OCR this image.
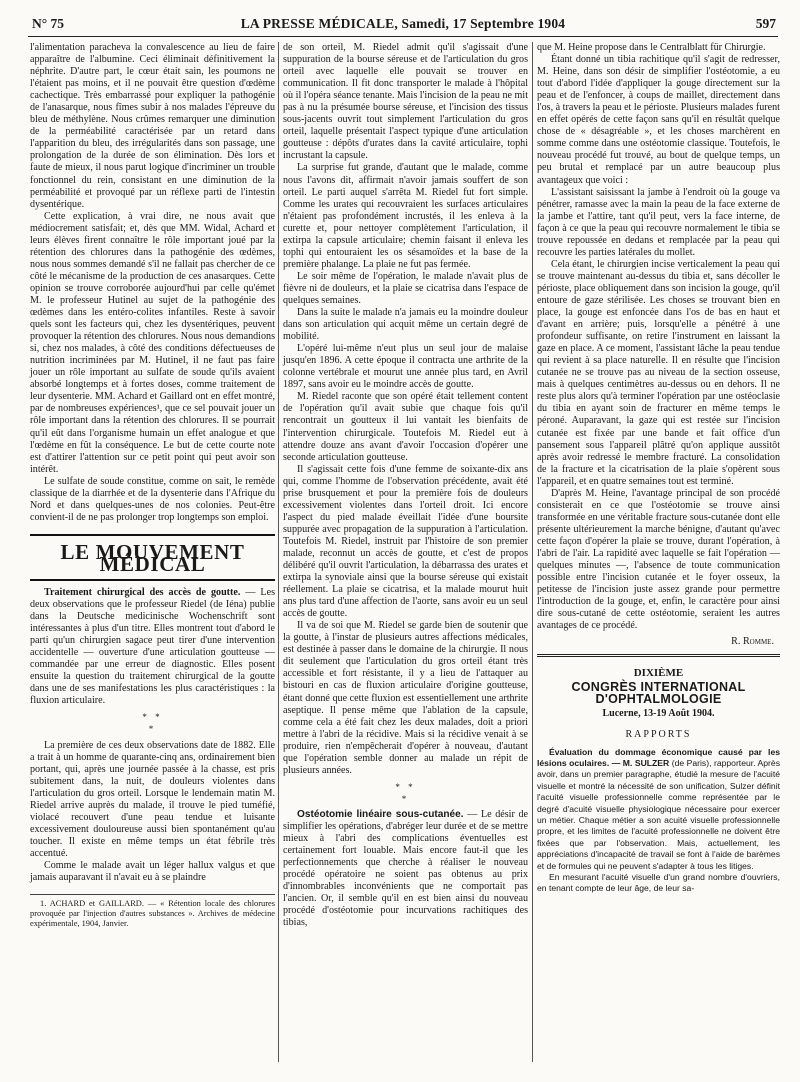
N° 75	LA PRESSE MÉDICALE, Samedi, 17 Septembre 1904	597

l'alimentation paracheva la convalescence au lieu de faire apparaître de l'albumine. Ceci éliminait définitivement la néphrite. D'autre part, le cœur était sain, les poumons ne l'étaient pas moins, et il ne pouvait être question d'œdème cachectique. Très embarrassé pour expliquer la pathogénie de l'anasarque, nous fîmes subir à nos malades l'épreuve du bleu de méthylène. Nous crûmes remarquer une diminution de la perméabilité caractérisée par un retard dans l'apparition du bleu, des irrégularités dans son passage, une prolongation de la durée de son élimination. Dès lors et faute de mieux, il nous parut logique d'incriminer un trouble fonctionnel du rein, consistant en une diminution de la perméabilité et provoqué par un réflexe parti de l'intestin dysentérique.

Cette explication, à vrai dire, ne nous avait que médiocrement satisfait; et, dès que MM. Widal, Achard et leurs élèves firent connaître le rôle important joué par la rétention des chlorures dans la pathogénie des œdèmes, nous nous sommes demandé s'il ne fallait pas chercher de ce côté le mécanisme de la production de ces anasarques. Cette opinion se trouve corroborée aujourd'hui par celle qu'émet M. le professeur Hutinel au sujet de la pathogénie des œdèmes dans les entéro-colites infantiles. Reste à savoir quels sont les facteurs qui, chez les dysentériques, peuvent provoquer la rétention des chlorures. Nous nous demandions si, chez nos malades, à côté des conditions défectueuses de nutrition incriminées par M. Hutinel, il ne faut pas faire jouer un rôle important au sulfate de soude qu'ils avaient absorbé longtemps et à fortes doses, comme traitement de leur dysenterie. MM. Achard et Gaillard ont en effet montré, par de nombreuses expériences¹, que ce sel pouvait jouer un rôle important dans la rétention des chlorures. Il se pourrait qu'il eût dans l'organisme humain un effet analogue et que l'œdème en fût la conséquence. Le but de cette courte note est d'attirer l'attention sur ce petit point qui peut avoir son intérêt.

Le sulfate de soude constitue, comme on sait, le remède classique de la diarrhée et de la dysenterie dans l'Afrique du Nord et dans quelques-unes de nos colonies. Peut-être convient-il de ne pas prolonger trop longtemps son emploi.

LE MOUVEMENT MÉDICAL

Traitement chirurgical des accès de goutte. — Les deux observations que le professeur Riedel (de Iéna) publie dans la Deutsche medicinische Wochenschrift sont intéressantes à plus d'un titre. Elles montrent tout d'abord le parti qu'un chirurgien sagace peut tirer d'une intervention accidentelle — ouverture d'une articulation goutteuse — commandée par une erreur de diagnostic. Elles posent ensuite la question du traitement chirurgical de la goutte dans une de ses manifestations les plus caractéristiques : la fluxion articulaire.

* *
*

La première de ces deux observations date de 1882. Elle a trait à un homme de quarante-cinq ans, ordinairement bien portant, qui, après une journée passée à la chasse, est pris subitement dans, la nuit, de douleurs violentes dans l'articulation du gros orteil. Lorsque le lendemain matin M. Riedel arrive auprès du malade, il trouve le pied tuméfié, violacé recouvert d'une peau tendue et luisante excessivement douloureuse aussi bien spontanément qu'au toucher. Il existe en même temps un état fébrile très accentué.

Comme le malade avait un léger hallux valgus et que jamais auparavant il n'avait eu à se plaindre

1. ACHARD et GAILLARD. — « Rétention locale des chlorures provoquée par l'injection d'autres substances ». Archives de médecine expérimentale, 1904, Janvier.

de son orteil, M. Riedel admit qu'il s'agissait d'une suppuration de la bourse séreuse et de l'articulation du gros orteil avec laquelle elle pouvait se trouver en communication. Il fit donc transporter le malade à l'hôpital où il l'opéra séance tenante. Mais l'incision de la peau ne mit pas à nu la présumée bourse séreuse, et l'incision des tissus sous-jacents ouvrit tout simplement l'articulation du gros orteil, laquelle présentait l'aspect typique d'une articulation goutteuse : dépôts d'urates dans la cavité articulaire, tophi incrustant la capsule.

La surprise fut grande, d'autant que le malade, comme nous l'avons dit, affirmait n'avoir jamais souffert de son orteil. Le parti auquel s'arrêta M. Riedel fut fort simple. Comme les urates qui recouvraient les surfaces articulaires n'étaient pas profondément incrustés, il les enleva à la curette et, pour nettoyer complètement l'articulation, il extirpa la capsule articulaire; chemin faisant il enleva les tophi qui entouraient les os sésamoïdes et la base de la première phalange. La plaie ne fut pas fermée.

Le soir même de l'opération, le malade n'avait plus de fièvre ni de douleurs, et la plaie se cicatrisa dans l'espace de quelques semaines.

Dans la suite le malade n'a jamais eu la moindre douleur dans son articulation qui acquit même un certain degré de mobilité.

L'opéré lui-même n'eut plus un seul jour de malaise jusqu'en 1896. A cette époque il contracta une arthrite de la colonne vertébrale et mourut une année plus tard, en Avril 1897, sans avoir eu le moindre accès de goutte.

M. Riedel raconte que son opéré était tellement content de l'opération qu'il avait subie que chaque fois qu'il rencontrait un goutteux il lui vantait les bienfaits de l'intervention chirurgicale. Toutefois M. Riedel eut à attendre douze ans avant d'avoir l'occasion d'opérer une seconde articulation goutteuse.

Il s'agissait cette fois d'une femme de soixante-dix ans qui, comme l'homme de l'observation précédente, avait été prise brusquement et pour la première fois de douleurs excessivement violentes dans l'orteil droit. Ici encore l'aspect du pied malade éveillait l'idée d'une boursite suppurée avec propagation de la suppuration à l'articulation. Toutefois M. Riedel, instruit par l'histoire de son premier malade, reconnut un accès de goutte, et c'est de propos délibéré qu'il ouvrit l'articulation, la débarrassa des urates et extirpa la synoviale ainsi que la bourse séreuse qui existait réellement. La plaie se cicatrisa, et la malade mourut huit ans plus tard d'une affection de l'aorte, sans avoir eu un seul accès de goutte.

Il va de soi que M. Riedel se garde bien de soutenir que la goutte, à l'instar de plusieurs autres affections médicales, est destinée à passer dans le domaine de la chirurgie. Il nous dit seulement que l'articulation du gros orteil étant très accessible et fort résistante, il y a lieu de l'attaquer au bistouri en cas de fluxion articulaire d'origine goutteuse, étant donné que cette fluxion est essentiellement une arthrite aseptique. Il pense même que l'ablation de la capsule, comme cela a été fait chez les deux malades, doit a priori mettre à l'abri de la récidive. Mais si la récidive venait à se produire, rien n'empêcherait d'opérer à nouveau, d'autant que l'opération semble donner au malade un répit de plusieurs années.

* *
*

Ostéotomie linéaire sous-cutanée. — Le désir de simplifier les opérations, d'abréger leur durée et de se mettre mieux à l'abri des complications éventuelles est certainement fort louable. Mais encore faut-il que les perfectionnements que cherche à réaliser le nouveau procédé opératoire ne soient pas obtenus au prix d'innombrables inconvénients que ne comportait pas l'ancien. Or, il semble qu'il en est bien ainsi du nouveau procédé d'ostéotomie pour incurvations rachitiques des tibias,

que M. Heine propose dans le Centralblatt für Chirurgie.

Étant donné un tibia rachitique qu'il s'agit de redresser, M. Heine, dans son désir de simplifier l'ostéotomie, a eu tout d'abord l'idée d'appliquer la gouge directement sur la peau et de l'enfoncer, à coups de maillet, directement dans l'os, à travers la peau et le périoste. Plusieurs malades furent en effet opérés de cette façon sans qu'il en résultât quelque chose de « désagréable », et les choses marchèrent en somme comme dans une ostéotomie classique. Toutefois, le nouveau procédé fut trouvé, au bout de quelque temps, un peu brutal et remplacé par un autre beaucoup plus avantageux que voici :

L'assistant saisissant la jambe à l'endroit où la gouge va pénétrer, ramasse avec la main la peau de la face externe de la jambe et l'attire, tant qu'il peut, vers la face interne, de façon à ce que la peau qui recouvre normalement le tibia se trouve repoussée en dedans et remplacée par la peau qui recouvre les parties latérales du mollet.

Cela étant, le chirurgien incise verticalement la peau qui se trouve maintenant au-dessus du tibia et, sans décoller le périoste, place obliquement dans son incision la gouge, qu'il entoure de gaze stérilisée. Les choses se trouvant bien en place, la gouge est enfoncée dans l'os de bas en haut et d'avant en arrière; puis, lorsqu'elle a pénétré à une profondeur suffisante, on retire l'instrument en laissant la gaze en place. A ce moment, l'assistant lâche la peau tendue qui revient à sa place naturelle. Il en résulte que l'incision cutanée ne se trouve pas au niveau de la section osseuse, mais à quelques centimètres au-dessus ou en dehors. Il ne reste plus alors qu'à terminer l'opération par une ostéoclasie du tibia en ayant soin de fracturer en même temps le péroné. Auparavant, la gaze qui est restée sur l'incision cutanée est fixée par une bande et fait office d'un pansement sous l'appareil plâtré qu'on applique aussitôt après avoir redressé le membre fracturé. La consolidation de la fracture et la cicatrisation de la plaie s'opèrent sous l'appareil, et en quatre semaines tout est terminé.

D'après M. Heine, l'avantage principal de son procédé consisterait en ce que l'ostéotomie se trouve ainsi transformée en une véritable fracture sous-cutanée dont elle présente ultérieurement la marche bénigne, d'autant qu'avec cette façon d'opérer la plaie se trouve, durant l'opération, à l'abri de l'air. La rapidité avec laquelle se fait l'opération — quelques minutes —, l'absence de toute communication possible entre l'incision cutanée et le foyer osseux, la petitesse de l'incision juste assez grande pour permettre l'introduction de la gouge, et, enfin, le caractère pour ainsi dire sous-cutané de cette ostéotomie, seraient les autres avantages de ce procédé.

R. Romme.
DIXIÈME
CONGRÈS INTERNATIONAL D'OPHTALMOLOGIE
Lucerne, 13-19 Août 1904.
RAPPORTS

Évaluation du dommage économique causé par les lésions oculaires. — M. SULZER (de Paris), rapporteur. Après avoir, dans un premier paragraphe, étudié la mesure de l'acuité visuelle et montré la nécessité de son unification, Sulzer définit l'acuité visuelle professionnelle comme représentée par le degré d'acuité visuelle physiologique nécessaire pour exercer un métier. Chaque métier a son acuité visuelle professionnelle propre, et les limites de l'acuité professionnelle ne doivent être fixées que par l'observation. Mais, actuellement, les appréciations d'incapacité de travail se font à l'aide de barèmes et de formules qui ne peuvent s'adapter à tous les litiges.

En mesurant l'acuité visuelle d'un grand nombre d'ouvriers, en tenant compte de leur âge, de leur sa-
